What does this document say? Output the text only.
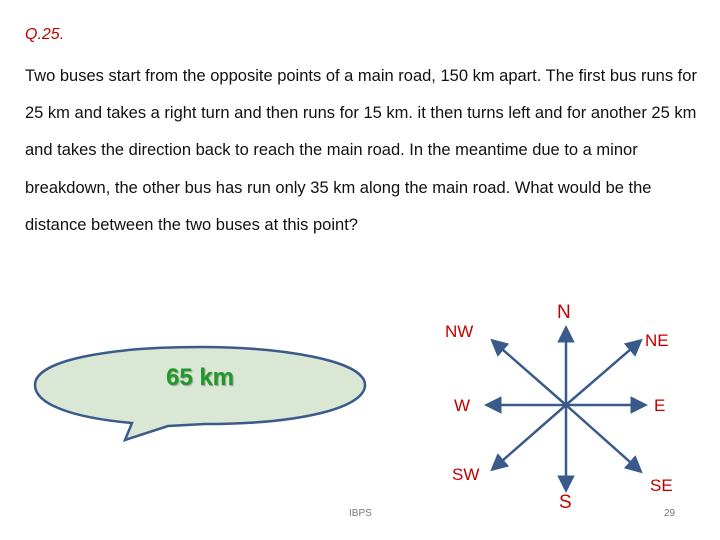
Q.25.

Two buses start from the opposite points of a main road, 150 km apart. The first bus runs for 25 km and takes a right turn and then runs for 15 km. it then turns left and for another 25 km and takes the direction back to reach the main road. In the meantime due to a minor breakdown, the other bus has run only 35 km along the main road. What would be the distance between the two buses at this point?

65 km
N
NW	NE
W	E
SW
SE
S
IBPS	29
